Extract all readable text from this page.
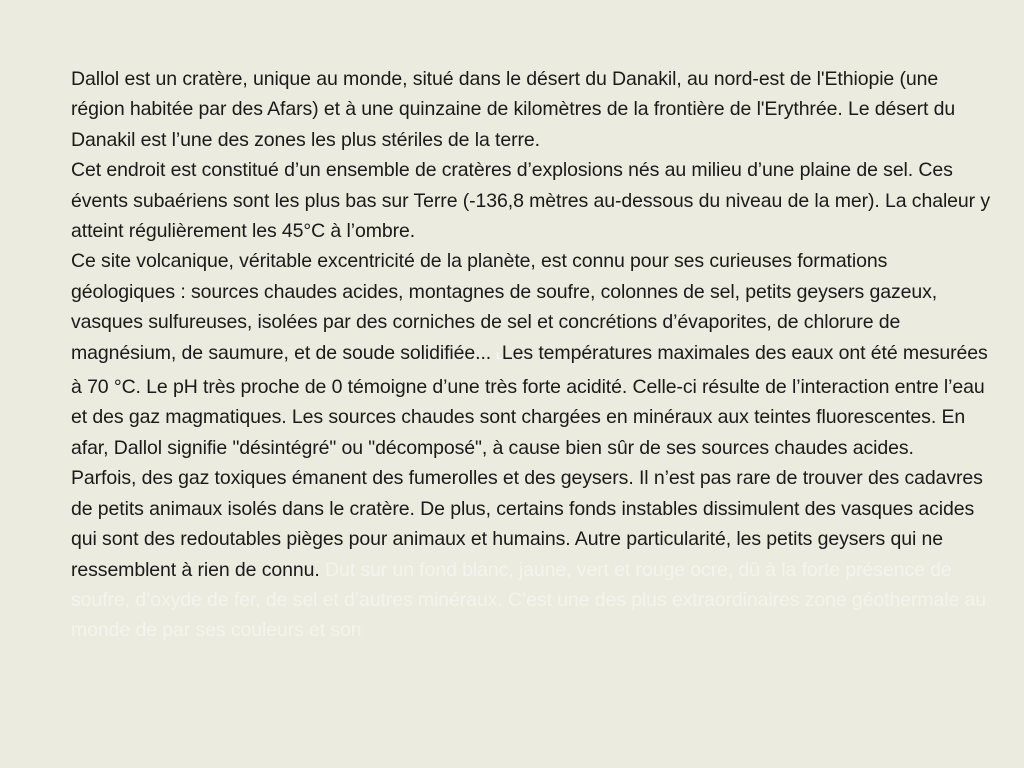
Dallol est un cratère, unique au monde, situé dans le désert du Danakil, au nord-est de l'Ethiopie (une région habitée par des Afars) et à une quinzaine de kilomètres de la frontière de l'Erythrée. Le désert du Danakil est l’une des zones les plus stériles de la terre.
Cet endroit est constitué d’un ensemble de cratères d’explosions nés au milieu d’une plaine de sel. Ces évents subaériens sont les plus bas sur Terre (-136,8 mètres au-dessous du niveau de la mer). La chaleur y atteint régulièrement les 45°C à l’ombre.
Ce site volcanique, véritable excentricité de la planète, est connu pour ses curieuses formations géologiques : sources chaudes acides, montagnes de soufre, colonnes de sel, petits geysers gazeux, vasques sulfureuses, isolées par des corniches de sel et concrétions d’évaporites, de chlorure de magnésium, de saumure, et de soude solidifiée... LLes températures maximales des eaux ont été mesurées à 70 °C. Le pH très proche de 0 témoigne d’une très forte acidité. Celle-ci résulte de l’interaction entre l’eau et des gaz magmatiques. Les sources chaudes sont chargées en minéraux aux teintes fluorescentes. En afar, Dallol signifie "désintégré" ou "décomposé", à cause bien sûr de ses sources chaudes acides.
Parfois, des gaz toxiques émanent des fumerolles et des geysers. Il n’est pas rare de trouver des cadavres de petits animaux isolés dans le cratère. De plus, certains fonds instables dissimulent des vasques acides qui sont des redoutables pièges pour animaux et humains. Autre particularité, les petits geysers qui ne ressemblent à rien de connu. Dut sur un fond blanc, jaune, vert et rouge ocre, dû à la forte présence de soufre, d’oxyde de fer, de sel et d’autres minéraux. C’est une des plus extraordinaires zone géothermale au monde de par ses couleurs et son
